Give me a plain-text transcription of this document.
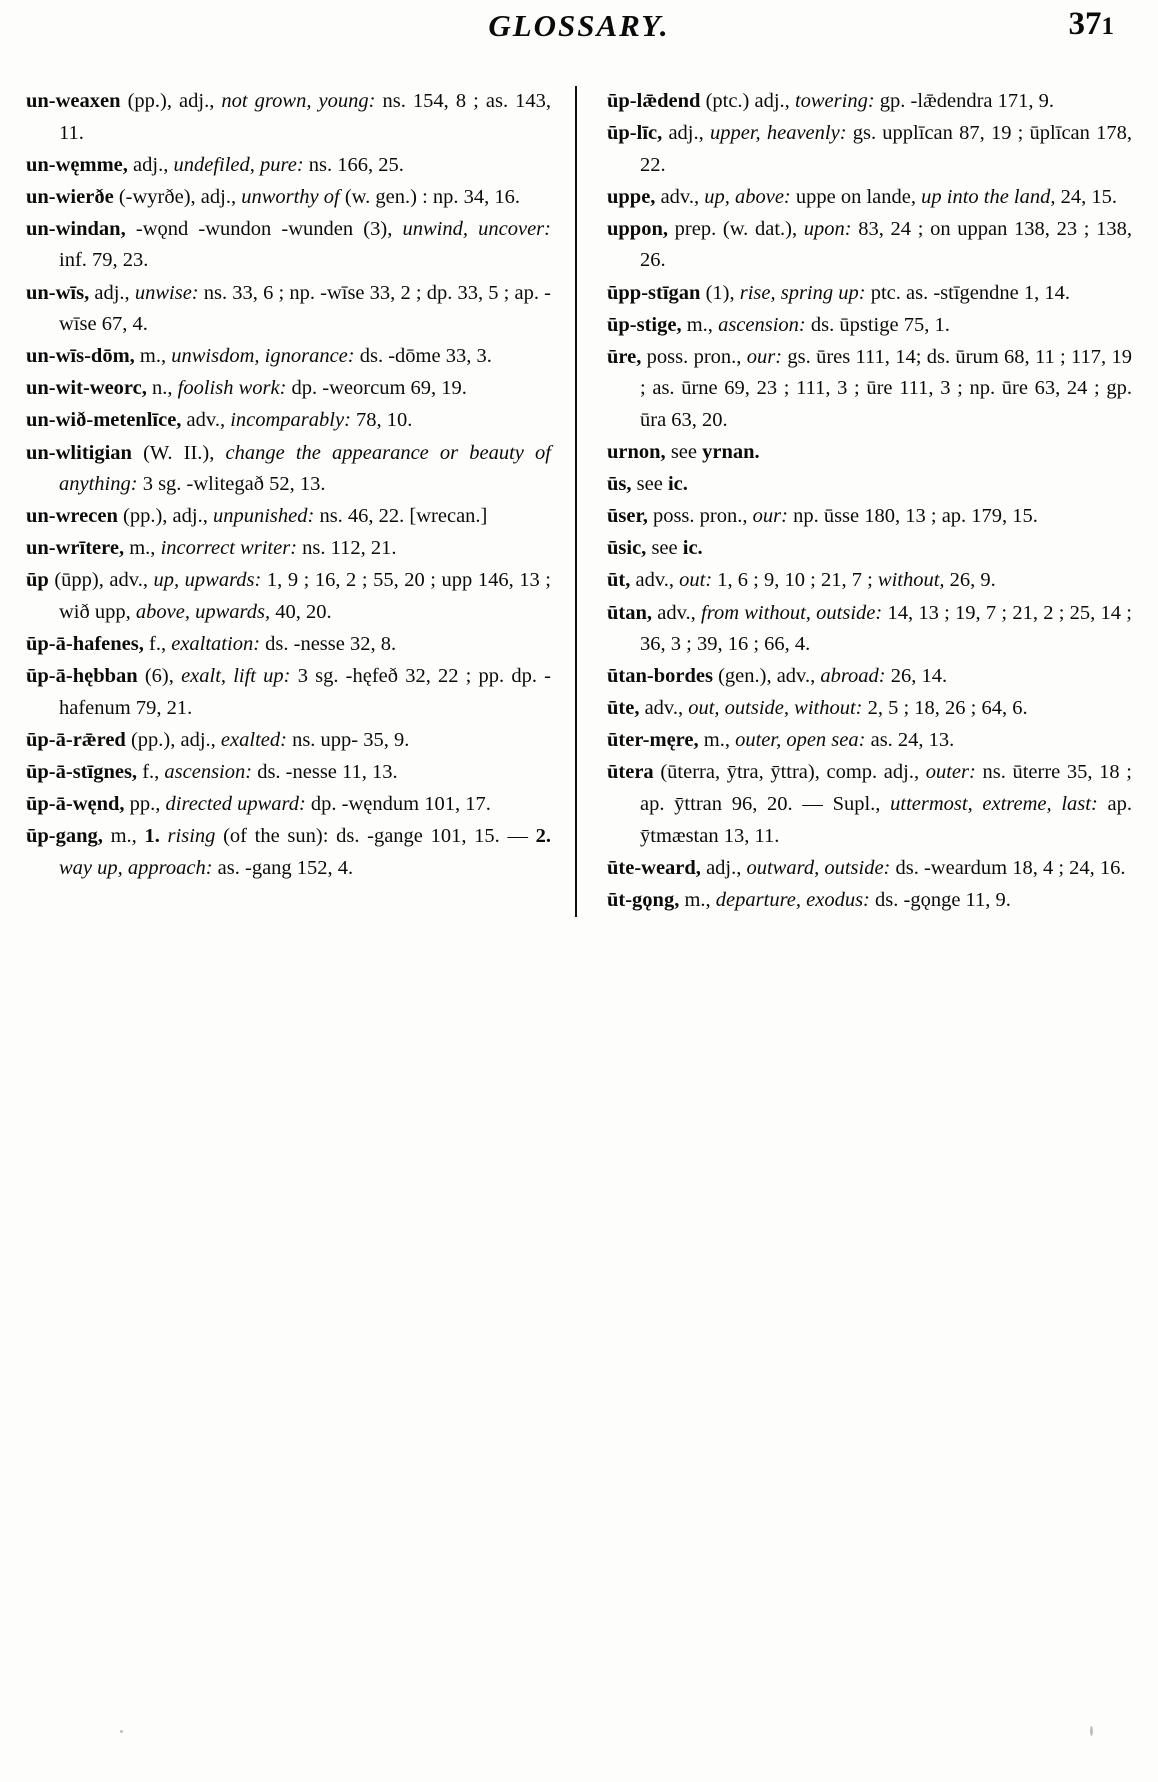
GLOSSARY.	371

un-weaxen (pp.), adj., not grown, young: ns. 154, 8 ; as. 143, 11.

un-węmme, adj., undefiled, pure: ns. 166, 25.

un-wierðe (-wyrðe), adj., unworthy of (w. gen.) : np. 34, 16.

un-windan, -wǫnd -wundon -wunden (3), unwind, uncover: inf. 79, 23.

un-wīs, adj., unwise: ns. 33, 6 ; np. -wīse 33, 2 ; dp. 33, 5 ; ap. -wīse 67, 4.

un-wīs-dōm, m., unwisdom, ignorance: ds. -dōme 33, 3.

un-wit-weorc, n., foolish work: dp. -weorcum 69, 19.

un-wið-metenlīce, adv., incomparably: 78, 10.

un-wlitigian (W. II.), change the appearance or beauty of anything: 3 sg. -wlitegað 52, 13.

un-wrecen (pp.), adj., unpunished: ns. 46, 22. [wrecan.]

un-wrītere, m., incorrect writer: ns. 112, 21.

ūp (ūpp), adv., up, upwards: 1, 9 ; 16, 2 ; 55, 20 ; upp 146, 13 ; wið upp, above, upwards, 40, 20.

ūp-ā-hafenes, f., exaltation: ds. -nesse 32, 8.

ūp-ā-hębban (6), exalt, lift up: 3 sg. -hęfeð 32, 22 ; pp. dp. -hafenum 79, 21.

ūp-ā-rǣred (pp.), adj., exalted: ns. upp- 35, 9.

ūp-ā-stīgnes, f., ascension: ds. -nesse 11, 13.

ūp-ā-węnd, pp., directed upward: dp. -węndum 101, 17.

ūp-gang, m., 1. rising (of the sun): ds. -gange 101, 15. — 2. way up, approach: as. -gang 152, 4.

ūp-lǣdend (ptc.) adj., towering: gp. -lǣdendra 171, 9.

ūp-līc, adj., upper, heavenly: gs. upplīcan 87, 19 ; ūplīcan 178, 22.

uppe, adv., up, above: uppe on lande, up into the land, 24, 15.

uppon, prep. (w. dat.), upon: 83, 24 ; on uppan 138, 23 ; 138, 26.

ūpp-stīgan (1), rise, spring up: ptc. as. -stīgendne 1, 14.

ūp-stige, m., ascension: ds. ūpstige 75, 1.

ūre, poss. pron., our: gs. ūres 111, 14; ds. ūrum 68, 11 ; 117, 19 ; as. ūrne 69, 23 ; 111, 3 ; ūre 111, 3 ; np. ūre 63, 24 ; gp. ūra 63, 20.

urnon, see yrnan.

ūs, see ic.

ūser, poss. pron., our: np. ūsse 180, 13 ; ap. 179, 15.

ūsic, see ic.

ūt, adv., out: 1, 6 ; 9, 10 ; 21, 7 ; without, 26, 9.

ūtan, adv., from without, outside: 14, 13 ; 19, 7 ; 21, 2 ; 25, 14 ; 36, 3 ; 39, 16 ; 66, 4.

ūtan-bordes (gen.), adv., abroad: 26, 14.

ūte, adv., out, outside, without: 2, 5 ; 18, 26 ; 64, 6.

ūter-męre, m., outer, open sea: as. 24, 13.

ūtera (ūterra, ȳtra, ȳttra), comp. adj., outer: ns. ūterre 35, 18 ; ap. ȳttran 96, 20. — Supl., uttermost, extreme, last: ap. ȳtmæstan 13, 11.

ūte-weard, adj., outward, outside: ds. -weardum 18, 4 ; 24, 16.

ūt-gǫng, m., departure, exodus: ds. -gǫnge 11, 9.
